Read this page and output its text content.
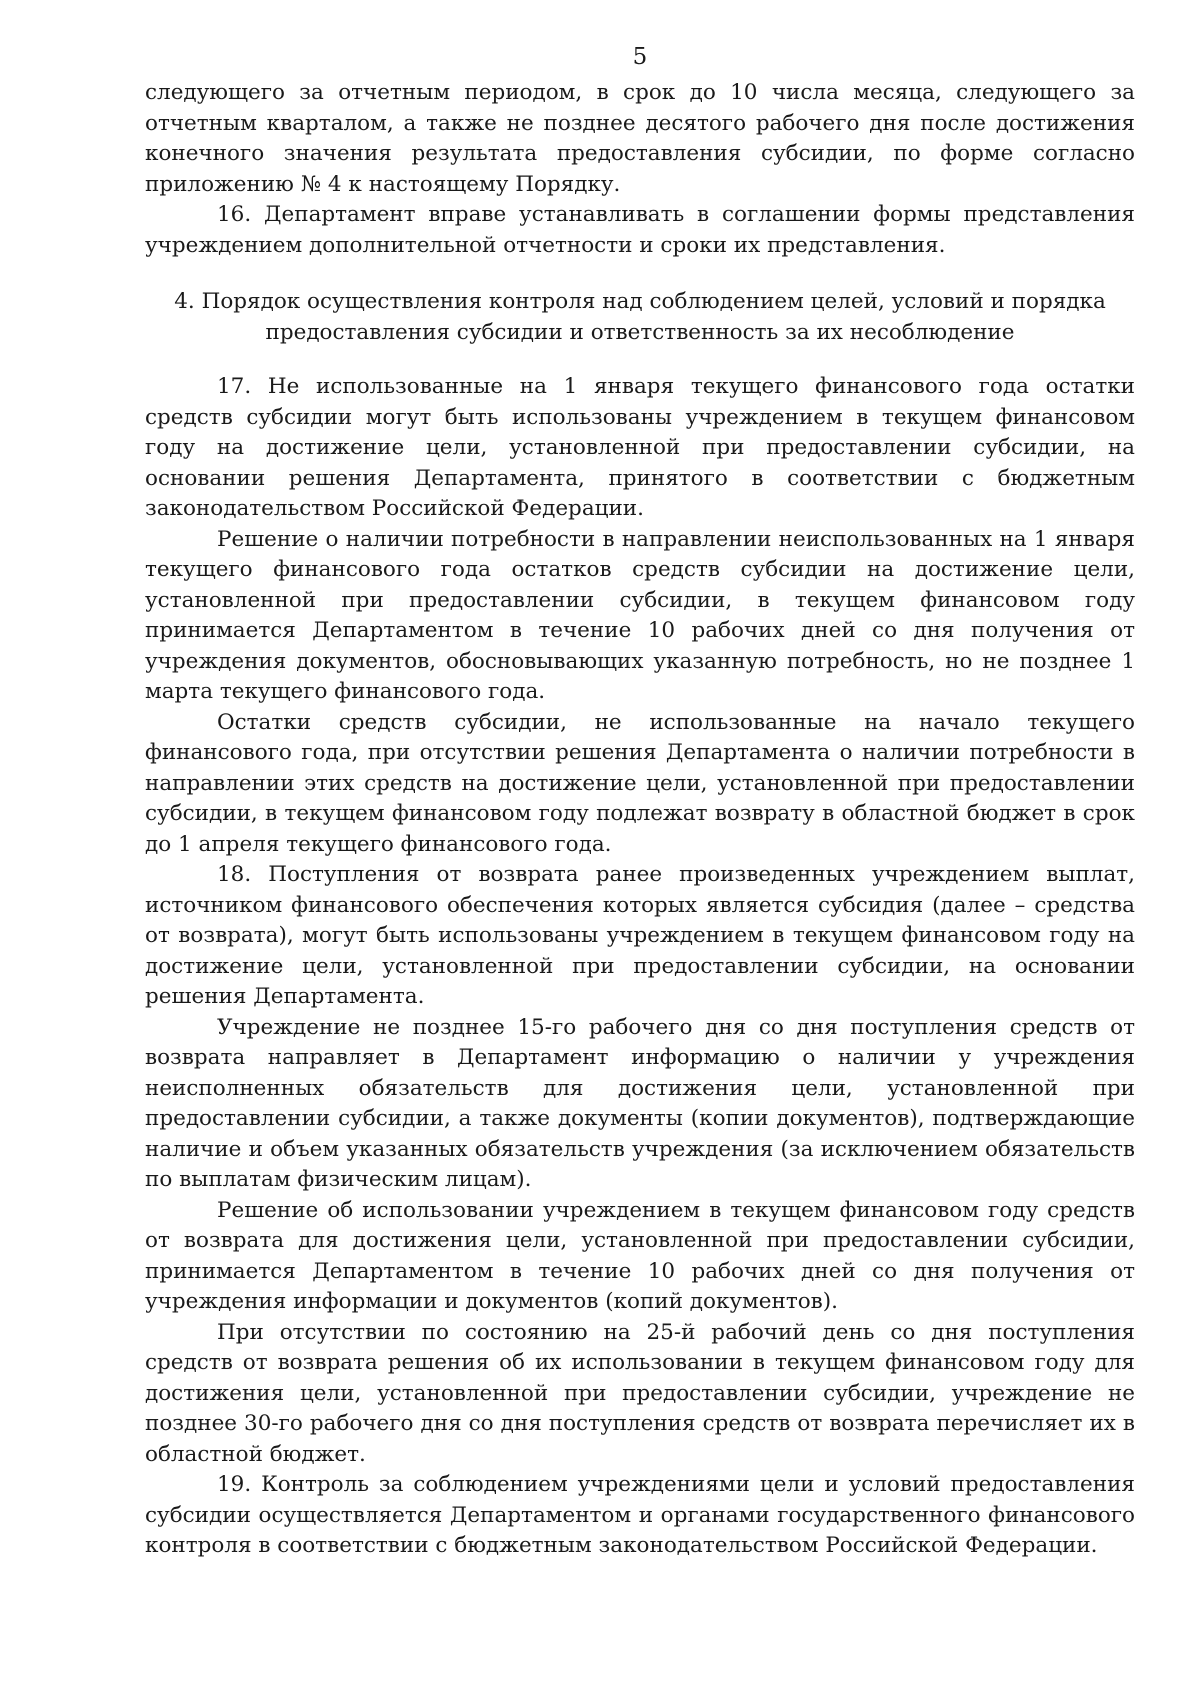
5

следующего за отчетным периодом, в срок до 10 числа месяца, следующего за отчетным кварталом, а также не позднее десятого рабочего дня после достижения конечного значения результата предоставления субсидии, по форме согласно приложению № 4 к настоящему Порядку.

16. Департамент вправе устанавливать в соглашении формы представления учреждением дополнительной отчетности и сроки их представления.

4. Порядок осуществления контроля над соблюдением целей, условий и порядка
предоставления субсидии и ответственность за их несоблюдение

17. Не использованные на 1 января текущего финансового года остатки средств субсидии могут быть использованы учреждением в текущем финансовом году на достижение цели, установленной при предоставлении субсидии, на основании решения Департамента, принятого в соответствии с бюджетным законодательством Российской Федерации.

Решение о наличии потребности в направлении неиспользованных на 1 января текущего финансового года остатков средств субсидии на достижение цели, установленной при предоставлении субсидии, в текущем финансовом году принимается Департаментом в течение 10 рабочих дней со дня получения от учреждения документов, обосновывающих указанную потребность, но не позднее 1 марта текущего финансового года.

Остатки средств субсидии, не использованные на начало текущего финансового года, при отсутствии решения Департамента о наличии потребности в направлении этих средств на достижение цели, установленной при предоставлении субсидии, в текущем финансовом году подлежат возврату в областной бюджет в срок до 1 апреля текущего финансового года.

18. Поступления от возврата ранее произведенных учреждением выплат, источником финансового обеспечения которых является субсидия (далее – средства от возврата), могут быть использованы учреждением в текущем финансовом году на достижение цели, установленной при предоставлении субсидии, на основании решения Департамента.

Учреждение не позднее 15-го рабочего дня со дня поступления средств от возврата направляет в Департамент информацию о наличии у учреждения неисполненных обязательств для достижения цели, установленной при предоставлении субсидии, а также документы (копии документов), подтверждающие наличие и объем указанных обязательств учреждения (за исключением обязательств по выплатам физическим лицам).

Решение об использовании учреждением в текущем финансовом году средств от возврата для достижения цели, установленной при предоставлении субсидии, принимается Департаментом в течение 10 рабочих дней со дня получения от учреждения информации и документов (копий документов).

При отсутствии по состоянию на 25-й рабочий день со дня поступления средств от возврата решения об их использовании в текущем финансовом году для достижения цели, установленной при предоставлении субсидии, учреждение не позднее 30-го рабочего дня со дня поступления средств от возврата перечисляет их в областной бюджет.

19. Контроль за соблюдением учреждениями цели и условий предоставления субсидии осуществляется Департаментом и органами государственного финансового контроля в соответствии с бюджетным законодательством Российской Федерации.
